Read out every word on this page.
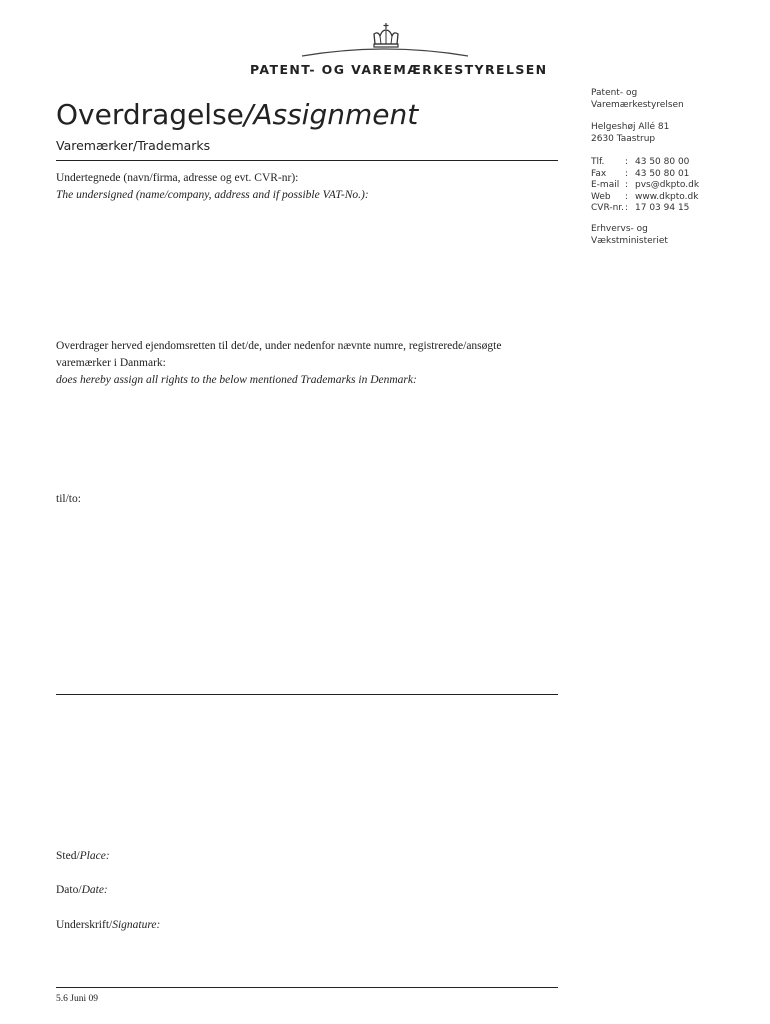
PATENT- OG VAREMÆRKESTYRELSEN
Overdragelse/Assignment
Varemærker/Trademarks
Patent- og
Varemærkestyrelsen
Helgeshøj Allé 81
2630 Taastrup
Tlf.	: 43 50 80 00
Fax	: 43 50 80 01
E-mail : pvs@dkpto.dk
Web	: www.dkpto.dk
CVR-nr. : 17 03 94 15
Erhvervs- og
Vækstministeriet
Undertegnede (navn/firma, adresse og evt. CVR-nr):
The undersigned (name/company, address and if possible VAT-No.):
Overdrager herved ejendomsretten til det/de, under nedenfor nævnte numre, registrerede/ansøgte
varemærker i Danmark:
does hereby assign all rights to the below mentioned Trademarks in Denmark:
til/to:
Sted/Place:
Dato/Date:
Underskrift/Signature:
5.6 Juni 09
